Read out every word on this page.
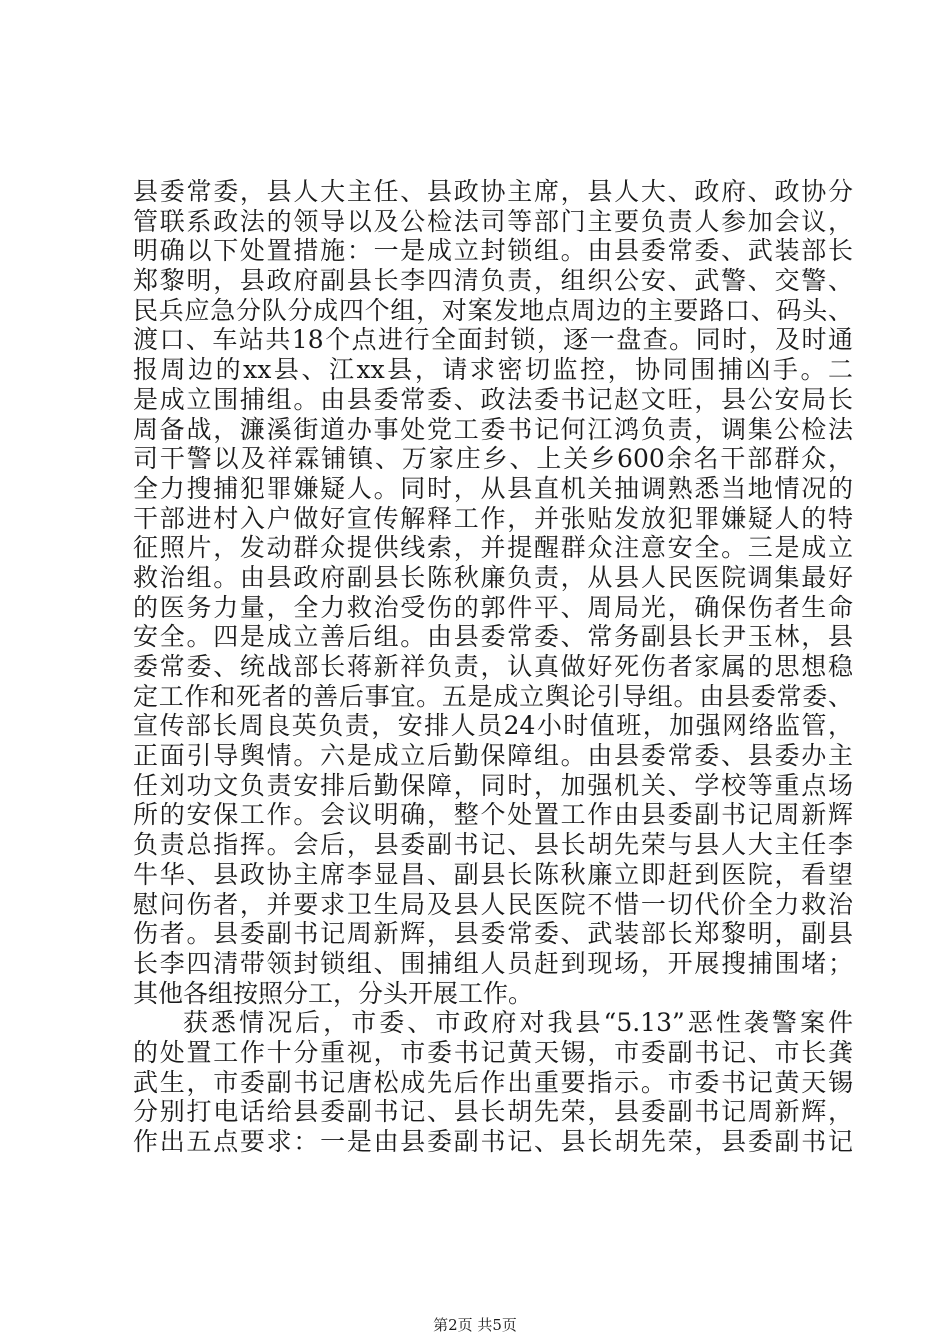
县委常委，县人大主任、县政协主席，县人大、政府、政协分
管联系政法的领导以及公检法司等部门主要负责人参加会议，
明确以下处置措施：一是成立封锁组。由县委常委、武装部长
郑黎明，县政府副县长李四清负责，组织公安、武警、交警、
民兵应急分队分成四个组，对案发地点周边的主要路口、码头、
渡口、车站共18个点进行全面封锁，逐一盘查。同时，及时通
报周边的xx县、江xx县，请求密切监控，协同围捕凶手。二
是成立围捕组。由县委常委、政法委书记赵文旺，县公安局长
周备战，濂溪街道办事处党工委书记何江鸿负责，调集公检法
司干警以及祥霖铺镇、万家庄乡、上关乡600余名干部群众，
全力搜捕犯罪嫌疑人。同时，从县直机关抽调熟悉当地情况的
干部进村入户做好宣传解释工作，并张贴发放犯罪嫌疑人的特
征照片，发动群众提供线索，并提醒群众注意安全。三是成立
救治组。由县政府副县长陈秋廉负责，从县人民医院调集最好
的医务力量，全力救治受伤的郭件平、周局光，确保伤者生命
安全。四是成立善后组。由县委常委、常务副县长尹玉林，县
委常委、统战部长蒋新祥负责，认真做好死伤者家属的思想稳
定工作和死者的善后事宜。五是成立舆论引导组。由县委常委、
宣传部长周良英负责，安排人员24小时值班，加强网络监管，
正面引导舆情。六是成立后勤保障组。由县委常委、县委办主
任刘功文负责安排后勤保障，同时，加强机关、学校等重点场
所的安保工作。会议明确，整个处置工作由县委副书记周新辉
负责总指挥。会后，县委副书记、县长胡先荣与县人大主任李
牛华、县政协主席李显昌、副县长陈秋廉立即赶到医院，看望
慰问伤者，并要求卫生局及县人民医院不惜一切代价全力救治
伤者。县委副书记周新辉，县委常委、武装部长郑黎明，副县
长李四清带领封锁组、围捕组人员赶到现场，开展搜捕围堵；
其他各组按照分工，分头开展工作。
获悉情况后，市委、市政府对我县“5.13”恶性袭警案件
的处置工作十分重视，市委书记黄天锡，市委副书记、市长龚
武生，市委副书记唐松成先后作出重要指示。市委书记黄天锡
分别打电话给县委副书记、县长胡先荣，县委副书记周新辉，
作出五点要求：一是由县委副书记、县长胡先荣，县委副书记
第2页 共5页
